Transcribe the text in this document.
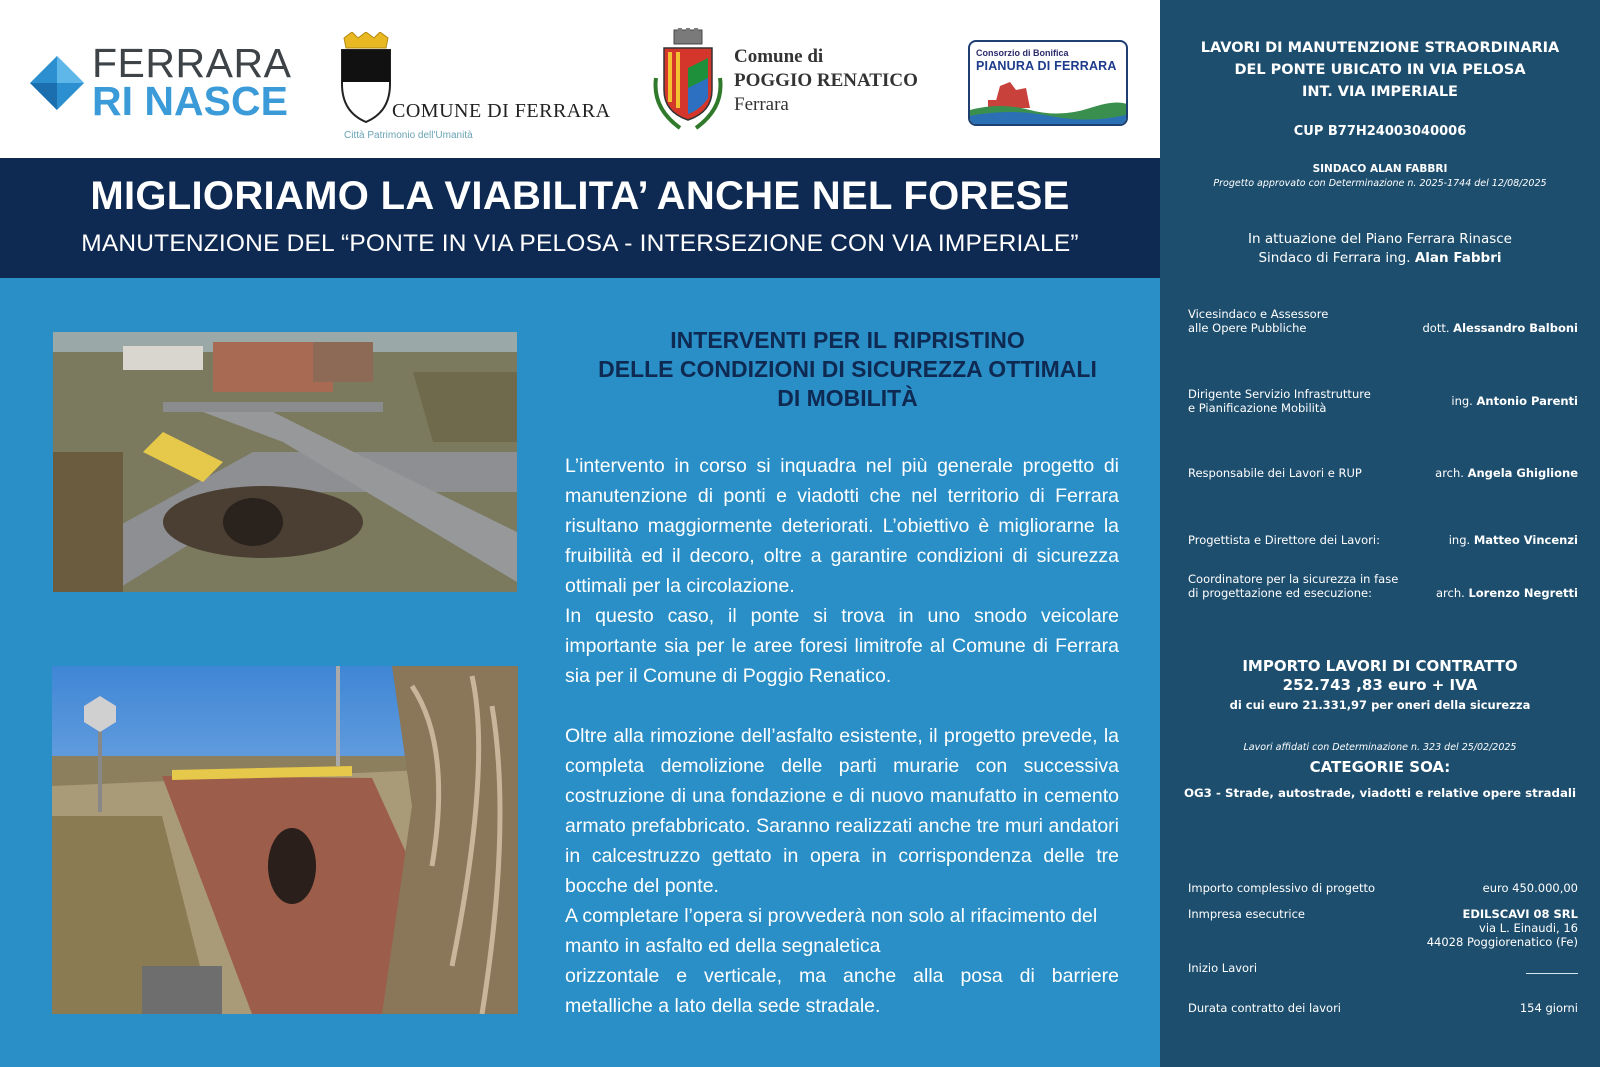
FERRARA
RI NASCE	COMUNE DI FERRARA
Città Patrimonio dell'Umanità
Comune di
POGGIO RENATICO
Ferrara
Consorzio di Bonifica
PIANURA DI FERRARA
MIGLIORIAMO LA VIABILITA’ ANCHE NEL FORESE
MANUTENZIONE DEL “PONTE IN VIA PELOSA - INTERSEZIONE CON VIA IMPERIALE”
INTERVENTI PER IL RIPRISTINO
DELLE CONDIZIONI DI SICUREZZA OTTIMALI
DI MOBILITÀ

L’intervento in corso si inquadra nel più generale progetto di manutenzione di ponti e viadotti che nel territorio di Ferrara risultano maggiormente deteriorati. L’obiettivo è migliorarne la fruibilità ed il decoro, oltre a garantire condizioni di sicurezza ottimali per la circolazione.

In questo caso, il ponte si trova in uno snodo veicolare importante sia per le aree foresi limitrofe al Comune di Ferrara sia per il Comune di Poggio Renatico.

Oltre alla rimozione dell’asfalto esistente, il progetto prevede, la completa demolizione delle parti murarie con successiva costruzione di una fondazione e di nuovo manufatto in cemento armato prefabbricato. Saranno realizzati anche tre muri andatori in calcestruzzo gettato in opera in corrispondenza delle tre bocche del ponte.

A completare l’opera si provvederà non solo al rifacimento del manto in asfalto ed della segnaletica

orizzontale e verticale, ma anche alla posa di barriere metalliche a lato della sede stradale.

LAVORI DI MANUTENZIONE STRAORDINARIA
DEL PONTE UBICATO IN VIA PELOSA
INT. VIA IMPERIALE
CUP B77H24003040006
SINDACO ALAN FABBRI
Progetto approvato con Determinazione n. 2025-1744 del 12/08/2025
In attuazione del Piano Ferrara Rinasce
Sindaco di Ferrara ing. Alan Fabbri
Vicesindaco e Assessore
alle Opere Pubbliche	dott. Alessandro Balboni
Dirigente Servizio Infrastrutture
e Pianificazione Mobilità	ing. Antonio Parenti
Responsabile dei Lavori e RUP	arch. Angela Ghiglione
Progettista e Direttore dei Lavori:	ing. Matteo Vincenzi
Coordinatore per la sicurezza in fase
di progettazione ed esecuzione:	arch. Lorenzo Negretti
IMPORTO LAVORI DI CONTRATTO
252.743 ,83 euro + IVA
di cui euro 21.331,97 per oneri della sicurezza
Lavori affidati con Determinazione n. 323 del 25/02/2025
CATEGORIE SOA:
OG3 - Strade, autostrade, viadotti e relative opere stradali
Importo complessivo di progetto	euro 450.000,00
Inmpresa esecutrice	EDILSCAVI 08 SRL
via L. Einaudi, 16
44028 Poggiorenatico (Fe)
Inizio Lavori
Durata contratto dei lavori	154 giorni
